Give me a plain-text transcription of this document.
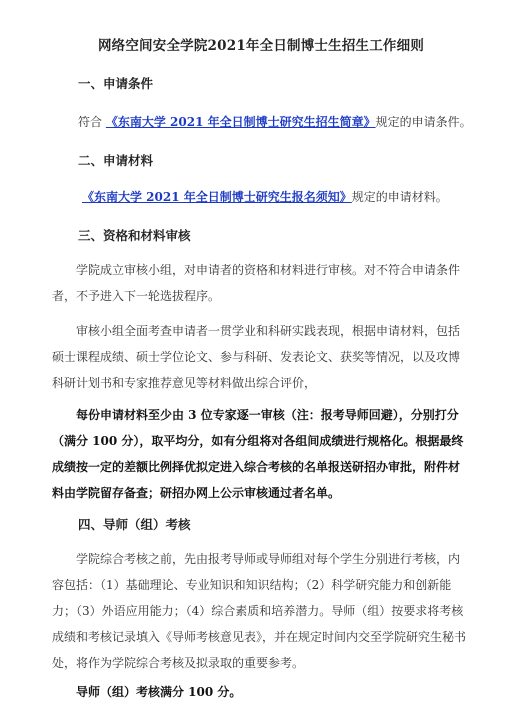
网络空间安全学院2021年全日制博士生招生工作细则
一、申请条件
符合 《东南大学 2021 年全日制博士研究生招生简章》规定的申请条件。
二、申请材料
《东南大学 2021 年全日制博士研究生报名须知》规定的申请材料。
三、资格和材料审核
学院成立审核小组，对申请者的资格和材料进行审核。对不符合申请条件者，不予进入下一轮选拔程序。
审核小组全面考查申请者一贯学业和科研实践表现，根据申请材料，包括硕士课程成绩、硕士学位论文、参与科研、发表论文、获奖等情况，以及攻博科研计划书和专家推荐意见等材料做出综合评价，
每份申请材料至少由 3 位专家逐一审核（注：报考导师回避），分别打分（满分 100 分），取平均分，如有分组将对各组间成绩进行规格化。根据最终成绩按一定的差额比例择优拟定进入综合考核的名单报送研招办审批，附件材料由学院留存备查；研招办网上公示审核通过者名单。
四、导师（组）考核
学院综合考核之前，先由报考导师或导师组对每个学生分别进行考核，内容包括：（1）基础理论、专业知识和知识结构；（2）科学研究能力和创新能力；（3）外语应用能力；（4）综合素质和培养潜力。导师（组）按要求将考核成绩和考核记录填入《导师考核意见表》，并在规定时间内交至学院研究生秘书处，将作为学院综合考核及拟录取的重要参考。
导师（组）考核满分 100 分。
